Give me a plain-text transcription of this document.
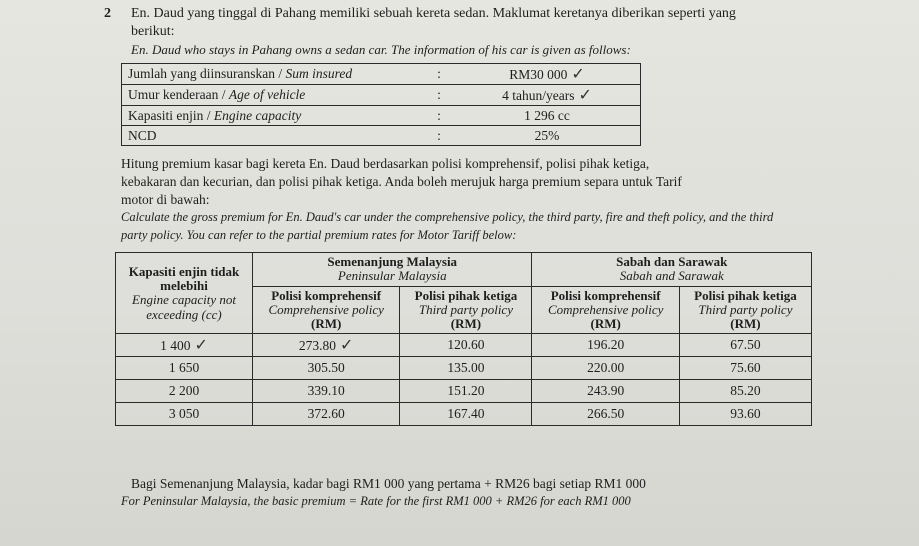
2 En. Daud yang tinggal di Pahang memiliki sebuah kereta sedan. Maklumat keretanya diberikan seperti yang
berikut:
En. Daud who stays in Pahang owns a sedan car. The information of his car is given as follows:
Jumlah yang diinsuranskan / Sum insured	:	RM30 000 ✓
Umur kenderaan / Age of vehicle	:	4 tahun/years ✓
Kapasiti enjin / Engine capacity	:	1 296 cc
NCD	:	25%
Hitung premium kasar bagi kereta En. Daud berdasarkan polisi komprehensif, polisi pihak ketiga,
kebakaran dan kecurian, dan polisi pihak ketiga. Anda boleh merujuk harga premium separa untuk Tarif
motor di bawah:
Calculate the gross premium for En. Daud's car under the comprehensive policy, the third party, fire and theft policy, and the third
party policy. You can refer to the partial premium rates for Motor Tariff below:
Kapasiti enjin tidak melebihi
Engine capacity not exceeding (cc)	Semenanjung Malaysia
Peninsular Malaysia		Sabah dan Sarawak
Sabah and Sarawak	

	Polisi komprehensif
Comprehensive policy
(RM)	Polisi pihak ketiga
Third party policy
(RM)	Polisi komprehensif
Comprehensive policy
(RM)	Polisi pihak ketiga
Third party policy
(RM)
1 400 ✓	273.80 ✓	120.60	196.20	67.50
1 650	305.50	135.00	220.00	75.60
2 200	339.10	151.20	243.90	85.20
3 050	372.60	167.40	266.50	93.60
Bagi Semenanjung Malaysia, kadar bagi RM1 000 yang pertama + RM26 bagi setiap RM1 000
For Peninsular Malaysia, the basic premium = Rate for the first RM1 000 + RM26 for each RM1 000
